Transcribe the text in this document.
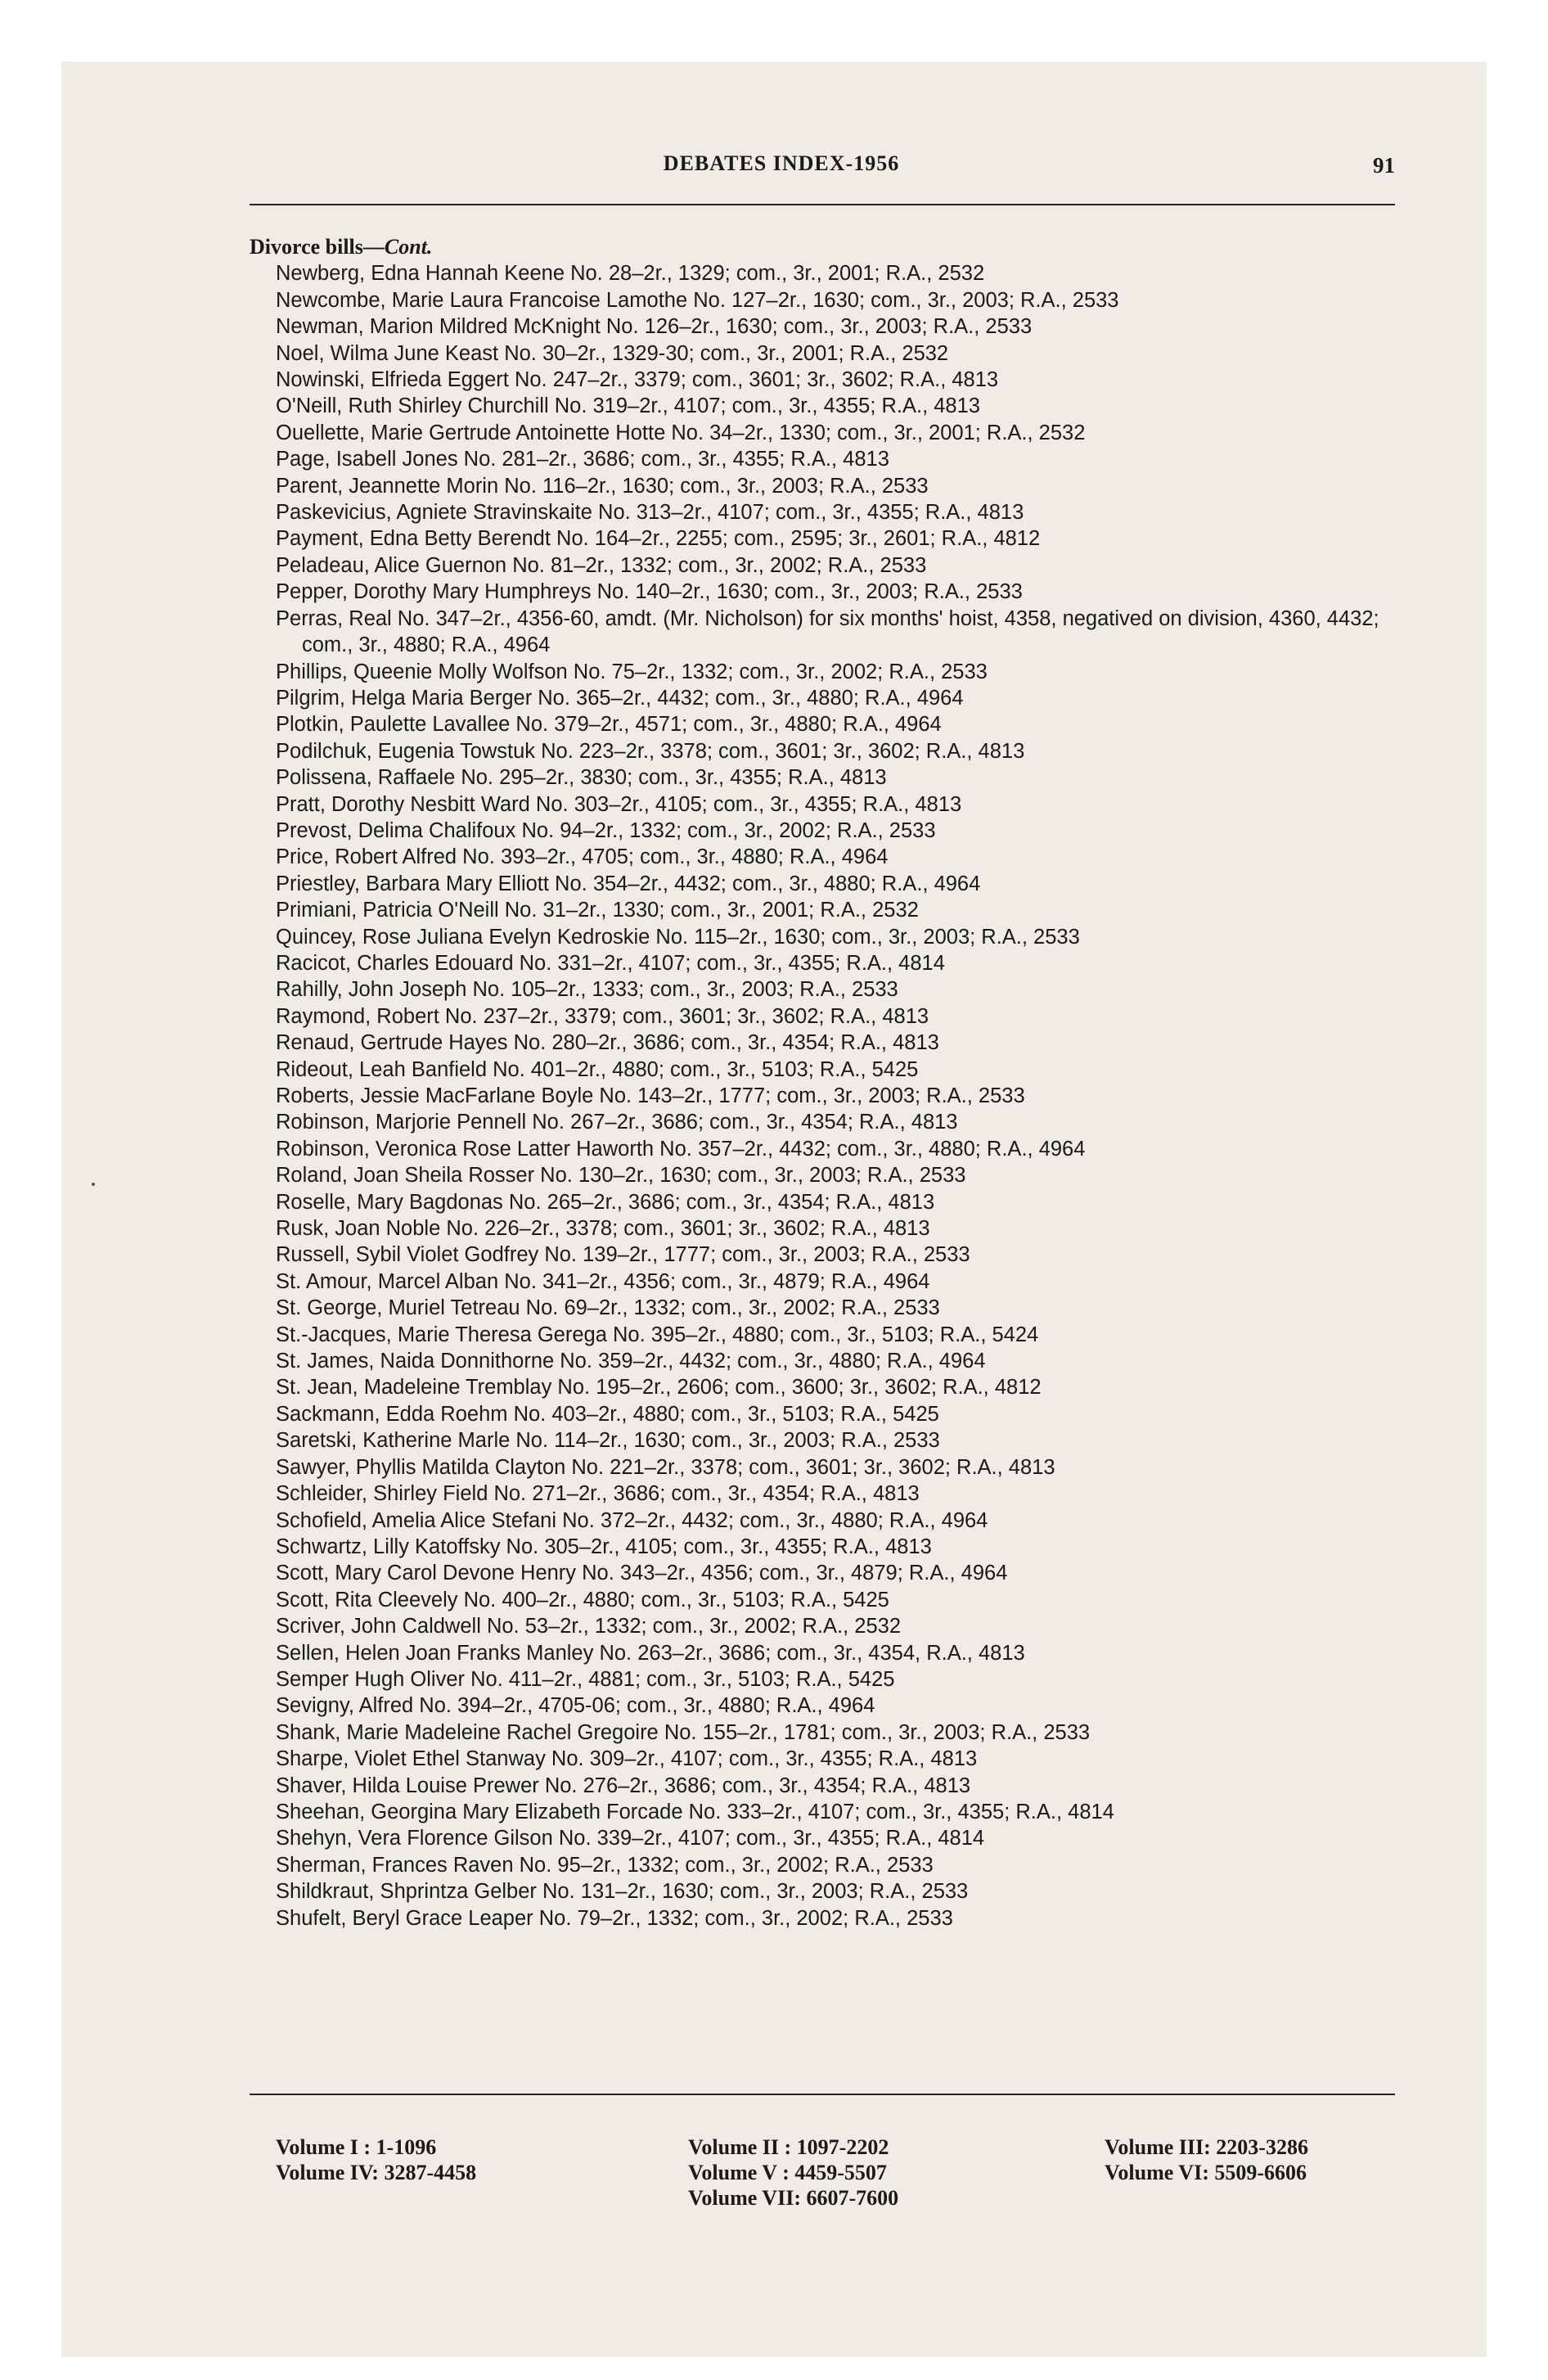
DEBATES INDEX-1956	91
Divorce bills—Cont.
Newberg, Edna Hannah Keene No. 28–2r., 1329; com., 3r., 2001; R.A., 2532
Newcombe, Marie Laura Francoise Lamothe No. 127–2r., 1630; com., 3r., 2003; R.A., 2533
Newman, Marion Mildred McKnight No. 126–2r., 1630; com., 3r., 2003; R.A., 2533
Noel, Wilma June Keast No. 30–2r., 1329-30; com., 3r., 2001; R.A., 2532
Nowinski, Elfrieda Eggert No. 247–2r., 3379; com., 3601; 3r., 3602; R.A., 4813
O'Neill, Ruth Shirley Churchill No. 319–2r., 4107; com., 3r., 4355; R.A., 4813
Ouellette, Marie Gertrude Antoinette Hotte No. 34–2r., 1330; com., 3r., 2001; R.A., 2532
Page, Isabell Jones No. 281–2r., 3686; com., 3r., 4355; R.A., 4813
Parent, Jeannette Morin No. 116–2r., 1630; com., 3r., 2003; R.A., 2533
Paskevicius, Agniete Stravinskaite No. 313–2r., 4107; com., 3r., 4355; R.A., 4813
Payment, Edna Betty Berendt No. 164–2r., 2255; com., 2595; 3r., 2601; R.A., 4812
Peladeau, Alice Guernon No. 81–2r., 1332; com., 3r., 2002; R.A., 2533
Pepper, Dorothy Mary Humphreys No. 140–2r., 1630; com., 3r., 2003; R.A., 2533
Perras, Real No. 347–2r., 4356-60, amdt. (Mr. Nicholson) for six months' hoist, 4358, negatived on division, 4360, 4432; com., 3r., 4880; R.A., 4964
Phillips, Queenie Molly Wolfson No. 75–2r., 1332; com., 3r., 2002; R.A., 2533
Pilgrim, Helga Maria Berger No. 365–2r., 4432; com., 3r., 4880; R.A., 4964
Plotkin, Paulette Lavallee No. 379–2r., 4571; com., 3r., 4880; R.A., 4964
Podilchuk, Eugenia Towstuk No. 223–2r., 3378; com., 3601; 3r., 3602; R.A., 4813
Polissena, Raffaele No. 295–2r., 3830; com., 3r., 4355; R.A., 4813
Pratt, Dorothy Nesbitt Ward No. 303–2r., 4105; com., 3r., 4355; R.A., 4813
Prevost, Delima Chalifoux No. 94–2r., 1332; com., 3r., 2002; R.A., 2533
Price, Robert Alfred No. 393–2r., 4705; com., 3r., 4880; R.A., 4964
Priestley, Barbara Mary Elliott No. 354–2r., 4432; com., 3r., 4880; R.A., 4964
Primiani, Patricia O'Neill No. 31–2r., 1330; com., 3r., 2001; R.A., 2532
Quincey, Rose Juliana Evelyn Kedroskie No. 115–2r., 1630; com., 3r., 2003; R.A., 2533
Racicot, Charles Edouard No. 331–2r., 4107; com., 3r., 4355; R.A., 4814
Rahilly, John Joseph No. 105–2r., 1333; com., 3r., 2003; R.A., 2533
Raymond, Robert No. 237–2r., 3379; com., 3601; 3r., 3602; R.A., 4813
Renaud, Gertrude Hayes No. 280–2r., 3686; com., 3r., 4354; R.A., 4813
Rideout, Leah Banfield No. 401–2r., 4880; com., 3r., 5103; R.A., 5425
Roberts, Jessie MacFarlane Boyle No. 143–2r., 1777; com., 3r., 2003; R.A., 2533
Robinson, Marjorie Pennell No. 267–2r., 3686; com., 3r., 4354; R.A., 4813
Robinson, Veronica Rose Latter Haworth No. 357–2r., 4432; com., 3r., 4880; R.A., 4964
Roland, Joan Sheila Rosser No. 130–2r., 1630; com., 3r., 2003; R.A., 2533
Roselle, Mary Bagdonas No. 265–2r., 3686; com., 3r., 4354; R.A., 4813
Rusk, Joan Noble No. 226–2r., 3378; com., 3601; 3r., 3602; R.A., 4813
Russell, Sybil Violet Godfrey No. 139–2r., 1777; com., 3r., 2003; R.A., 2533
St. Amour, Marcel Alban No. 341–2r., 4356; com., 3r., 4879; R.A., 4964
St. George, Muriel Tetreau No. 69–2r., 1332; com., 3r., 2002; R.A., 2533
St.-Jacques, Marie Theresa Gerega No. 395–2r., 4880; com., 3r., 5103; R.A., 5424
St. James, Naida Donnithorne No. 359–2r., 4432; com., 3r., 4880; R.A., 4964
St. Jean, Madeleine Tremblay No. 195–2r., 2606; com., 3600; 3r., 3602; R.A., 4812
Sackmann, Edda Roehm No. 403–2r., 4880; com., 3r., 5103; R.A., 5425
Saretski, Katherine Marle No. 114–2r., 1630; com., 3r., 2003; R.A., 2533
Sawyer, Phyllis Matilda Clayton No. 221–2r., 3378; com., 3601; 3r., 3602; R.A., 4813
Schleider, Shirley Field No. 271–2r., 3686; com., 3r., 4354; R.A., 4813
Schofield, Amelia Alice Stefani No. 372–2r., 4432; com., 3r., 4880; R.A., 4964
Schwartz, Lilly Katoffsky No. 305–2r., 4105; com., 3r., 4355; R.A., 4813
Scott, Mary Carol Devone Henry No. 343–2r., 4356; com., 3r., 4879; R.A., 4964
Scott, Rita Cleevely No. 400–2r., 4880; com., 3r., 5103; R.A., 5425
Scriver, John Caldwell No. 53–2r., 1332; com., 3r., 2002; R.A., 2532
Sellen, Helen Joan Franks Manley No. 263–2r., 3686; com., 3r., 4354, R.A., 4813
Semper Hugh Oliver No. 411–2r., 4881; com., 3r., 5103; R.A., 5425
Sevigny, Alfred No. 394–2r., 4705-06; com., 3r., 4880; R.A., 4964
Shank, Marie Madeleine Rachel Gregoire No. 155–2r., 1781; com., 3r., 2003; R.A., 2533
Sharpe, Violet Ethel Stanway No. 309–2r., 4107; com., 3r., 4355; R.A., 4813
Shaver, Hilda Louise Prewer No. 276–2r., 3686; com., 3r., 4354; R.A., 4813
Sheehan, Georgina Mary Elizabeth Forcade No. 333–2r., 4107; com., 3r., 4355; R.A., 4814
Shehyn, Vera Florence Gilson No. 339–2r., 4107; com., 3r., 4355; R.A., 4814
Sherman, Frances Raven No. 95–2r., 1332; com., 3r., 2002; R.A., 2533
Shildkraut, Shprintza Gelber No. 131–2r., 1630; com., 3r., 2003; R.A., 2533
Shufelt, Beryl Grace Leaper No. 79–2r., 1332; com., 3r., 2002; R.A., 2533
Volume I : 1-1096
Volume IV: 3287-4458
Volume II : 1097-2202
Volume V : 4459-5507
Volume VII: 6607-7600
Volume III: 2203-3286
Volume VI: 5509-6606
